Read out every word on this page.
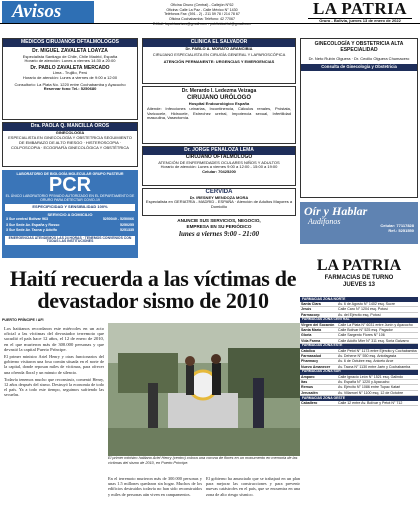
Avisos	Oficina Chuno (Central) - Callejón N°62
Oficina: Calle La Paz - Calle México N° 1430
Teléfonos Fax: (591 - 2) - 211 59 78 / 214 78 67
Oficina Cochabamba: Teléfono: 42 77067
E-Mail: lapatriaavisos@gmail.com - publicidad.laf@gmail.com
LA PATRIA
Oruro - Bolivia, jueves 13 de enero de 2022
MÉDICOS CIRUJANOS OFTALMÓLOGOS
Dr. MIGUEL ZAVALETA LOAYZA
Especialista Santiago de Chile, Chile Madrid, España
Horario de atención: Lunes a viernes 14:30 a 20:00
Dr. PABLO ZAVALETA MERCADO
Lima - Trujillo, Perú
Horario de atención: Lunes a viernes de 9:00 a 12:00
Consultorio: La Plata No. 1220 entre Cochabamba y Ayacucho
Reservar fono Tel.: 5250680
Dra. PAOLA Q. MANCILLA OROS
GINECOLOGÍA
ESPECIALISTA EN GINECOLOGÍA Y OBSTETRICIA SEGUIMIENTO DE EMBARAZO DE ALTO RIESGO · HISTEROSCOPIA · COLPOSCOPIA · ECOGRAFÍA GINECOLÓGICA Y OBSTÉTRICA
LABORATORIO DE BIOLOGÍA MOLECULAR GRUPO PASTEUR
PCR
EL ÚNICO LABORATORIO PRIVADO AUTORIZADO EN EL DEPARTAMENTO DE ORURO PARA DETECTAR COVID-19
ESPECIFICIDAD Y SENSIBILIDAD 100%
SERVICIO A DOMICILIO
3 Sur central Bolívar 963	5250049 - 5250066
3 Sur Sede Av. España y Rosso	5250255
3 Sur Sede Av. Tacna y Adolfo	5251335
EMERGENCIAS ATENDEMOS LAS 24 HORAS · TENEMOS CONVENIOS CON TODAS LAS INSTITUCIONES
CLÍNICA EL SALVADOR
Dr. PABLO A. MORATO ARANCIBIA
CIRUJANO ESPECIALISTA EN CIRUGÍA GENERAL Y LAPAROSCÓPICA
ATENCIÓN PERMANENTE: URGENCIAS Y EMERGENCIAS
Dr. Merardo I. Ledezma Veizaga
CIRUJANO URÓLOGO
Hospital Endourológico España
Atiende: Infecciones urinarias, Incontinencia, Cálculos renales, Próstata, Varicocele, Hidrocele, Estrechez uretral, Impotencia sexual, Infertilidad masculina, Vasectomía.
Dr. JORGE PEÑALOZA LEMA
CIRUJANO OFTALMÓLOGO
ATENCIÓN DE ENFERMEDADES OCULARES NIÑOS Y ADULTOS
Horario de atención: Lunes a viernes 9:00 a 12:00 - 15:00 a 19:00
Celular: 70425200
CERVIDA
Dr. IRESNEY MENDOZA MORA
Especialista en GERIATRÍA - MADRID - ESPAÑA · Atención de Adultos Mayores a Domicilio
ANUNCIE SUS SERVICIOS, NEGOCIO,
EMPRESA EN SU PERIÓDICO
lunes a viernes 9:00 - 21:00
GINECOLOGÍA Y OBSTETRICIA ALTA ESPECIALIDAD
Dr. Neto Rubín Olguera · Dr. Cecilio Olguera Chumacero
Consulta de Ginecología y Obstetricia
Oír y Hablar
Audífonos	Celular: 77117828
Ref.: 5251550
LA PATRIA
FARMACIAS DE TURNO
JUEVES 13
FARMACIAS ZONA NORTE
Santa Clara	Av. 6 de Agosto N° 1402 esq. Sucre
Jesús	Calle Caro N° 1204 esq. Potosí
Farmacorp	Av. del Ejército esq. Potosí
FARMACIAS ZONA CENTRAL
Virgen del Socavón	Calle La Plata N° 6031 entre Junín y Ayacucho
Santa María	Calle Bolívar N° 525 esq. Pagador
Gloria	Calle Sargento Flores N° 106
Vida Farma	Calle Adolfo Mier N° 311 esq. Soria Galvarro
FARMACIAS ZONA ESTE
Catolica	Calle Petot N° 1173 entre Ejército y Cochabamba
Farmasalud	Av. Dehene N° 550 esq. Antofagasta
Pharmacy	Av. 6 de Octubre esq. Aniceto Arce
Nuevo Amanecer	Av. Tacna N° 1130 entre Jaén y Cochabamba
FARMACIAS ZONA SUR
Amparo	Calle Ignacio León N° 1521 esq. Galindo
Itas	Av. España N° 1220 y Ayacucho
Remus	Av. Ejército N° 1086 entre Tupac Katari
Jerusalén	Av. Villarroel N° 1100 esq. 12 de Octubre
FARMACIAS ZONA OESTE
Caballero	Calle 12 entre Av. Bolívar y Petot N° 712
Haití recuerda a las víctimas de devastador sismo de 2010
PUERTO PRÍNCIPE / AFI

Los haitianos recordaron este miércoles en un acto oficial a las víctimas del devastador terremoto que sacudió el país hace 12 años, el 12 de enero de 2010, en el que murieron más de 300.000 personas y que devastó la capital Puerto Príncipe.

El primer ministro Ariel Henry y otras funcionarios del gobierno visitaron una fosa común situada en el norte de la capital, donde reposan miles de víctimas, para ofrecer una ofrenda floral y un minuto de silencio.

Todavía tenemos mucho que reconstruir, comentó Henry, 12 años después del sismo. Destruyó la economía de todo el país. Ya a todo este tiempo, seguimos sufriendo las secuelas.

El primer ministro haitiano Ariel Henry (centro) coloca una corona de flores en un monumento en memoria de las víctimas del sismo de 2010, en Puerto Príncipe.

En el terremoto murieron más de 300.000 personas y unas 1.5 millones quedaron sin hogar. Muchos de los edificios destruidos todavía no han sido reconstruidos y miles de personas aún viven en campamentos.

El gobierno ha anunciado que se trabajará en un plan para mejorar las construcciones y para prevenir nuevas catástrofes en el país, que se encuentra en una zona de alto riesgo sísmico.
